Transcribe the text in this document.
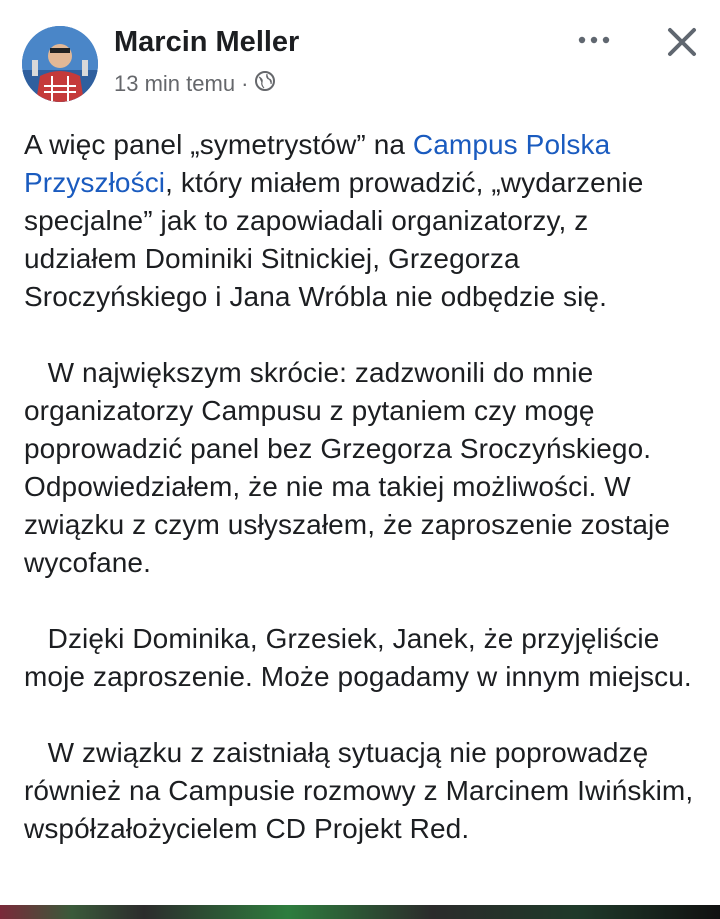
Marcin Meller
13 min temu ·

A więc panel „symetrystów” na Campus Polska Przyszłości, który miałem prowadzić, „wydarzenie specjalne” jak to zapowiadali organizatorzy, z udziałem Dominiki Sitnickiej, Grzegorza Sroczyńskiego i Jana Wróbla nie odbędzie się.

W największym skrócie: zadzwonili do mnie organizatorzy Campusu z pytaniem czy mogę poprowadzić panel bez Grzegorza Sroczyńskiego. Odpowiedziałem, że nie ma takiej możliwości. W związku z czym usłyszałem, że zaproszenie zostaje wycofane.

Dzięki Dominika, Grzesiek, Janek, że przyjęliście moje zaproszenie. Może pogadamy w innym miejscu.

W związku z zaistniałą sytuacją nie poprowadzę również na Campusie rozmowy z Marcinem Iwińskim, współzałożycielem CD Projekt Red.
